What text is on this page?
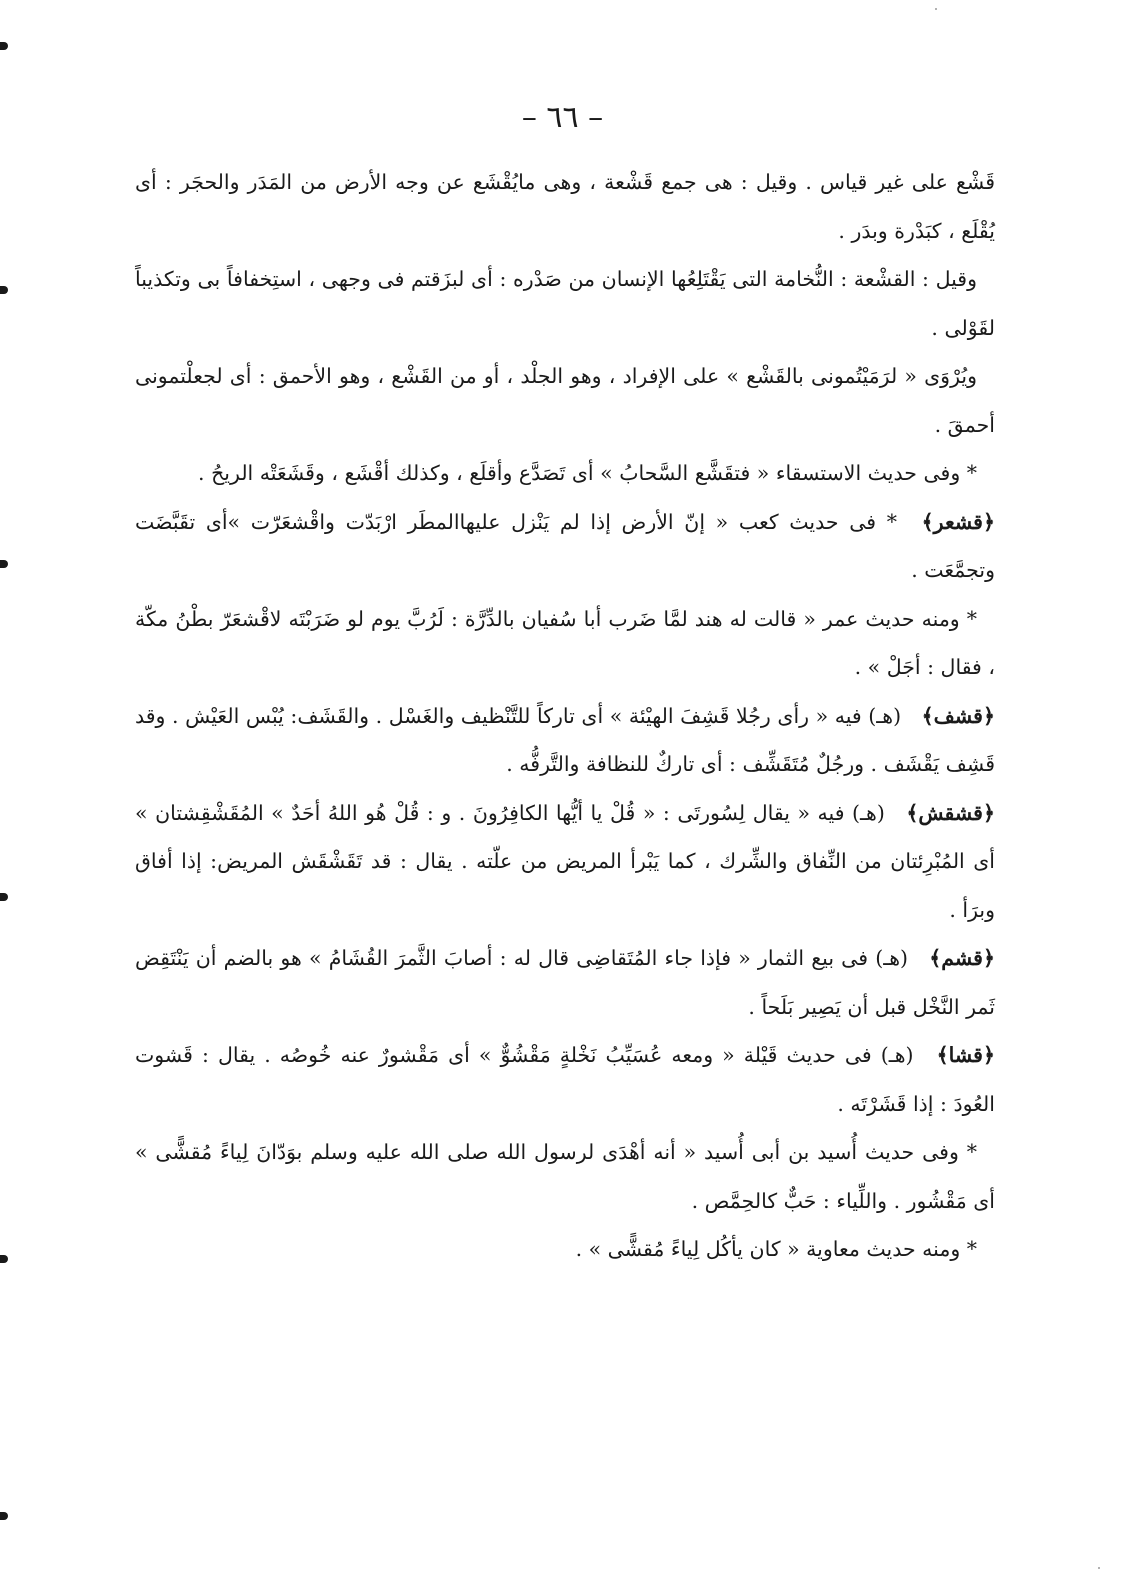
– ٦٦ –

قَشْع على غير قياس . وقيل : هى جمع قَشْعة ، وهى مايُقْشَع عن وجه الأرض من المَدَر والحجَر : أى يُقْلَع ، كبَدْرة وبدَر .

وقيل : القشْعة : النُّخامة التى يَقْتَلِعُها الإنسان من صَدْره : أى لبزَقتم فى وجهى ، استِخفافاً بى وتكذيباً لقَوْلى .

ويُرْوَى « لرَمَيْتُمونى بالقَشْع » على الإفراد ، وهو الجلْد ، أو من القَشْع ، وهو الأحمق : أى لجعلْتمونى أحمقَ .

* وفى حديث الاستسقاء « فتقَشَّع السَّحابُ » أى تَصَدَّع وأقلَع ، وكذلك أقْشَع ، وقَشَعَتْه الريحُ .

﴿ قشعر ﴾ * فى حديث كعب « إنّ الأرض إذا لم يَنْزل عليهاالمطَر ارْبَدّت واقْشعَرّت »أى تقَبَّضَت وتجمَّعَت .

* ومنه حديث عمر « قالت له هند لمَّا ضَرب أبا سُفيان بالدِّرَّة : لَرُبَّ يوم لو ضَرَبْتَه لاقْشعَرّ بطْنُ مكّة ، فقال : أجَلْ » .

﴿ قشف ﴾ (هـ) فيه « رأى رجُلا قَشِفَ الهيْئة » أى تاركاً للتَّنْظيف والغَسْل . والقَشَف: يُبْس العَيْش . وقد قَشِف يَقْشَف . ورجُلٌ مُتَقَشِّف : أى تاركٌ للنظافة والتَّرفُّه .

﴿ قشقش ﴾ (هـ) فيه « يقال لِسُورتَى : « قُلْ يا أيُّها الكافِرُونَ . و : قُلْ هُو اللهُ أحَدٌ » المُقَشْقِشتان » أى المُبْرِئتان من النِّفاق والشِّرك ، كما يَبْرأ المريض من علّته . يقال : قد تَقَشْقَش المريض: إذا أفاق وبرَأ .

﴿ قشم ﴾ (هـ) فى بيع الثمار « فإذا جاء المُتَقاضِى قال له : أصابَ الثَّمرَ القُشَامُ » هو بالضم أن يَنْتَقِض ثَمر النَّخْل قبل أن يَصِير بَلَحاً .

﴿ قشا ﴾ (هـ) فى حديث قَيْلة « ومعه عُسَيِّبُ نَخْلةٍ مَقْشُوٌّ » أى مَقْشورٌ عنه خُوصُه . يقال : قَشوت العُودَ : إذا قَشَرْتَه .

* وفى حديث أُسيد بن أبى أُسيد « أنه أهْدَى لرسول الله صلى الله عليه وسلم بوَدّانَ لِياءً مُقشًّى » أى مَقْشُور . واللِّياء : حَبٌّ كالحِمَّص .

* ومنه حديث معاوية « كان يأكُل لِياءً مُقشًّى » .
